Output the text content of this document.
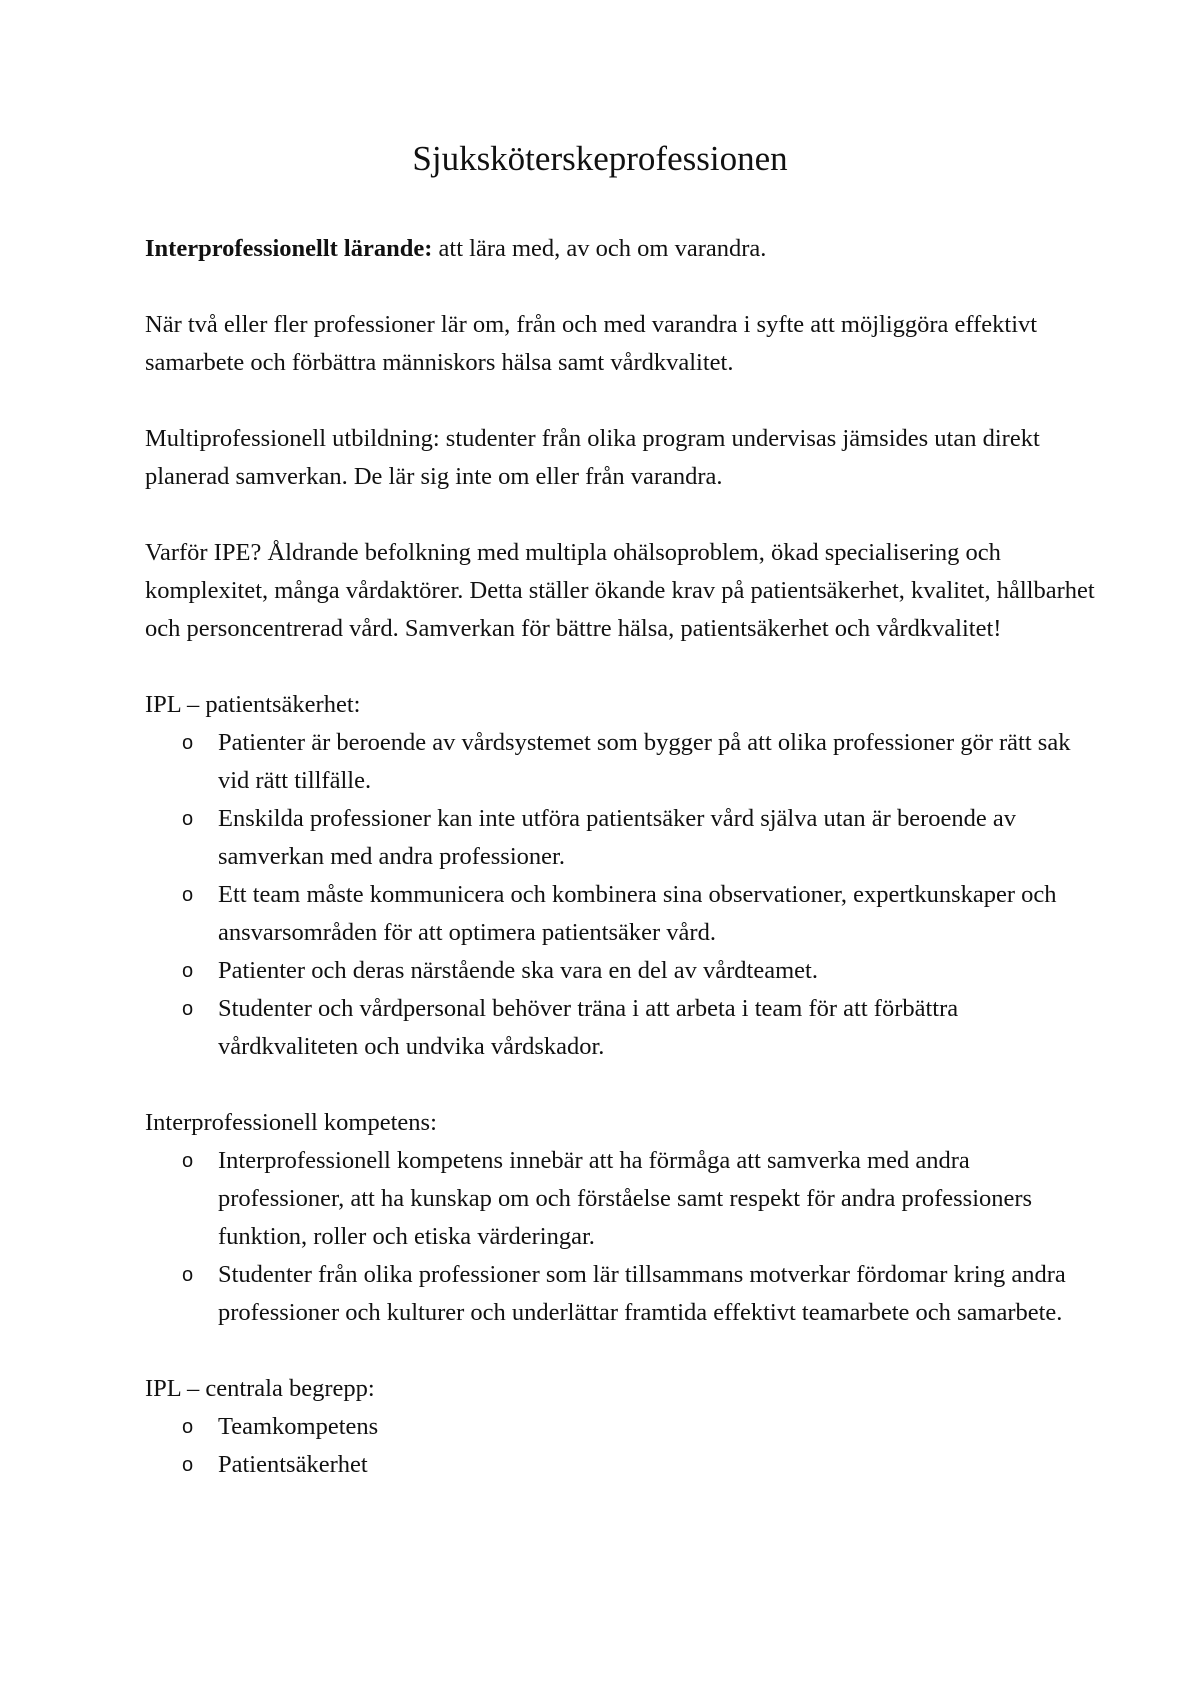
Sjuksköterskeprofessionen

Interprofessionellt lärande: att lära med, av och om varandra.

När två eller fler professioner lär om, från och med varandra i syfte att möjliggöra effektivt samarbete och förbättra människors hälsa samt vårdkvalitet.

Multiprofessionell utbildning: studenter från olika program undervisas jämsides utan direkt planerad samverkan. De lär sig inte om eller från varandra.

Varför IPE? Åldrande befolkning med multipla ohälsoproblem, ökad specialisering och komplexitet, många vårdaktörer. Detta ställer ökande krav på patientsäkerhet, kvalitet, hållbarhet och personcentrerad vård. Samverkan för bättre hälsa, patientsäkerhet och vårdkvalitet!

IPL – patientsäkerhet:

o Patienter är beroende av vårdsystemet som bygger på att olika professioner gör rätt sak vid rätt tillfälle.
o Enskilda professioner kan inte utföra patientsäker vård själva utan är beroende av samverkan med andra professioner.
o Ett team måste kommunicera och kombinera sina observationer, expertkunskaper och ansvarsområden för att optimera patientsäker vård.
o Patienter och deras närstående ska vara en del av vårdteamet.
o Studenter och vårdpersonal behöver träna i att arbeta i team för att förbättra vårdkvaliteten och undvika vårdskador.

Interprofessionell kompetens:

o Interprofessionell kompetens innebär att ha förmåga att samverka med andra professioner, att ha kunskap om och förståelse samt respekt för andra professioners funktion, roller och etiska värderingar.
o Studenter från olika professioner som lär tillsammans motverkar fördomar kring andra professioner och kulturer och underlättar framtida effektivt teamarbete och samarbete.

IPL – centrala begrepp:

o Teamkompetens
o Patientsäkerhet
